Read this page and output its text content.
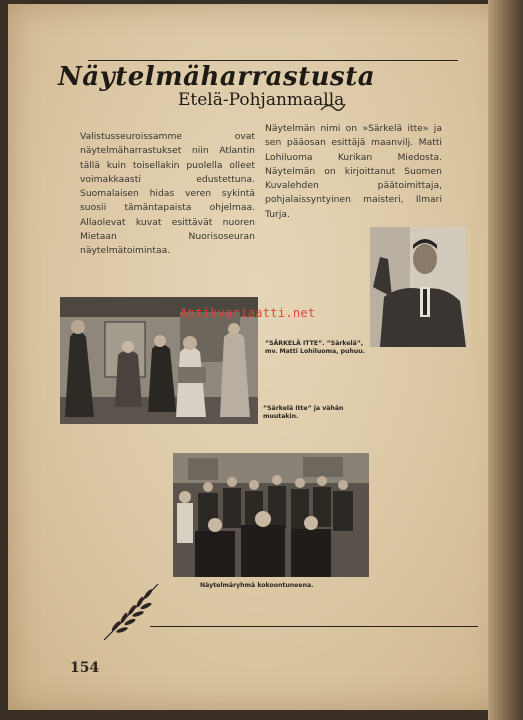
Näytelmäharrastusta
Etelä-Pohjanmaalla

Valistusseuroissamme ovat näytelmäharrastukset niin Atlantin tällä kuin toisellakin puolella olleet voimakkaasti edustettuna. Suomalaisen hidas veren sykintä suosii tämäntapaista ohjelmaa. Allaolevat kuvat esittävät nuoren Mietaan Nuorisoseuran näytelmätoimintaa.

Näytelmän nimi on »Särkelä itte» ja sen pääosan esittäjä maanvilj. Matti Lohiluoma Kurikan Miedosta. Näytelmän on kirjoittanut Suomen Kuvalehden päätoimittaja, pohjalaissyntyinen maisteri, Ilmari Turja.

”SÄRKELÄ ITTE”. ”Särkelä”, mv. Matti Lohiluoma, puhuu.
”Särkelä itte” ja vähän muutakin.
Antikvariaatti.net
Näytelmäryhmä kokoontuneena.
154
